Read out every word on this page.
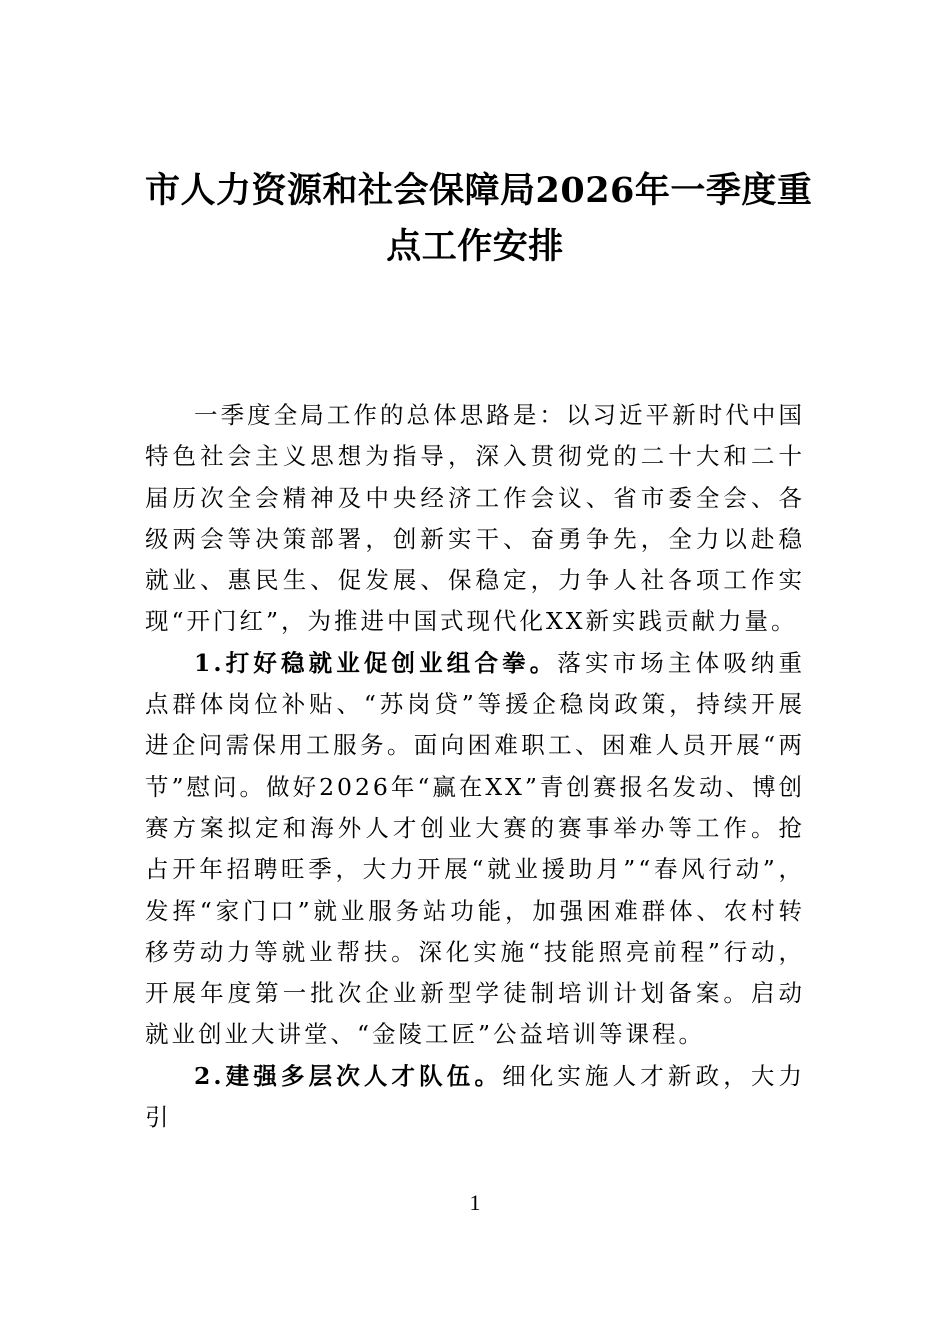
市人力资源和社会保障局2026年一季度重
点工作安排

一季度全局工作的总体思路是：以习近平新时代中国特色社会主义思想为指导，深入贯彻党的二十大和二十届历次全会精神及中央经济工作会议、省市委全会、各级两会等决策部署，创新实干、奋勇争先，全力以赴稳就业、惠民生、促发展、保稳定，力争人社各项工作实现“开门红”，为推进中国式现代化XX新实践贡献力量。

1.打好稳就业促创业组合拳。落实市场主体吸纳重点群体岗位补贴、“苏岗贷”等援企稳岗政策，持续开展进企问需保用工服务。面向困难职工、困难人员开展“两节”慰问。做好2026年“赢在XX”青创赛报名发动、博创赛方案拟定和海外人才创业大赛的赛事举办等工作。抢占开年招聘旺季，大力开展“就业援助月”“春风行动”，发挥“家门口”就业服务站功能，加强困难群体、农村转移劳动力等就业帮扶。深化实施“技能照亮前程”行动，开展年度第一批次企业新型学徒制培训计划备案。启动就业创业大讲堂、“金陵工匠”公益培训等课程。

2.建强多层次人才队伍。细化实施人才新政，大力引

1
